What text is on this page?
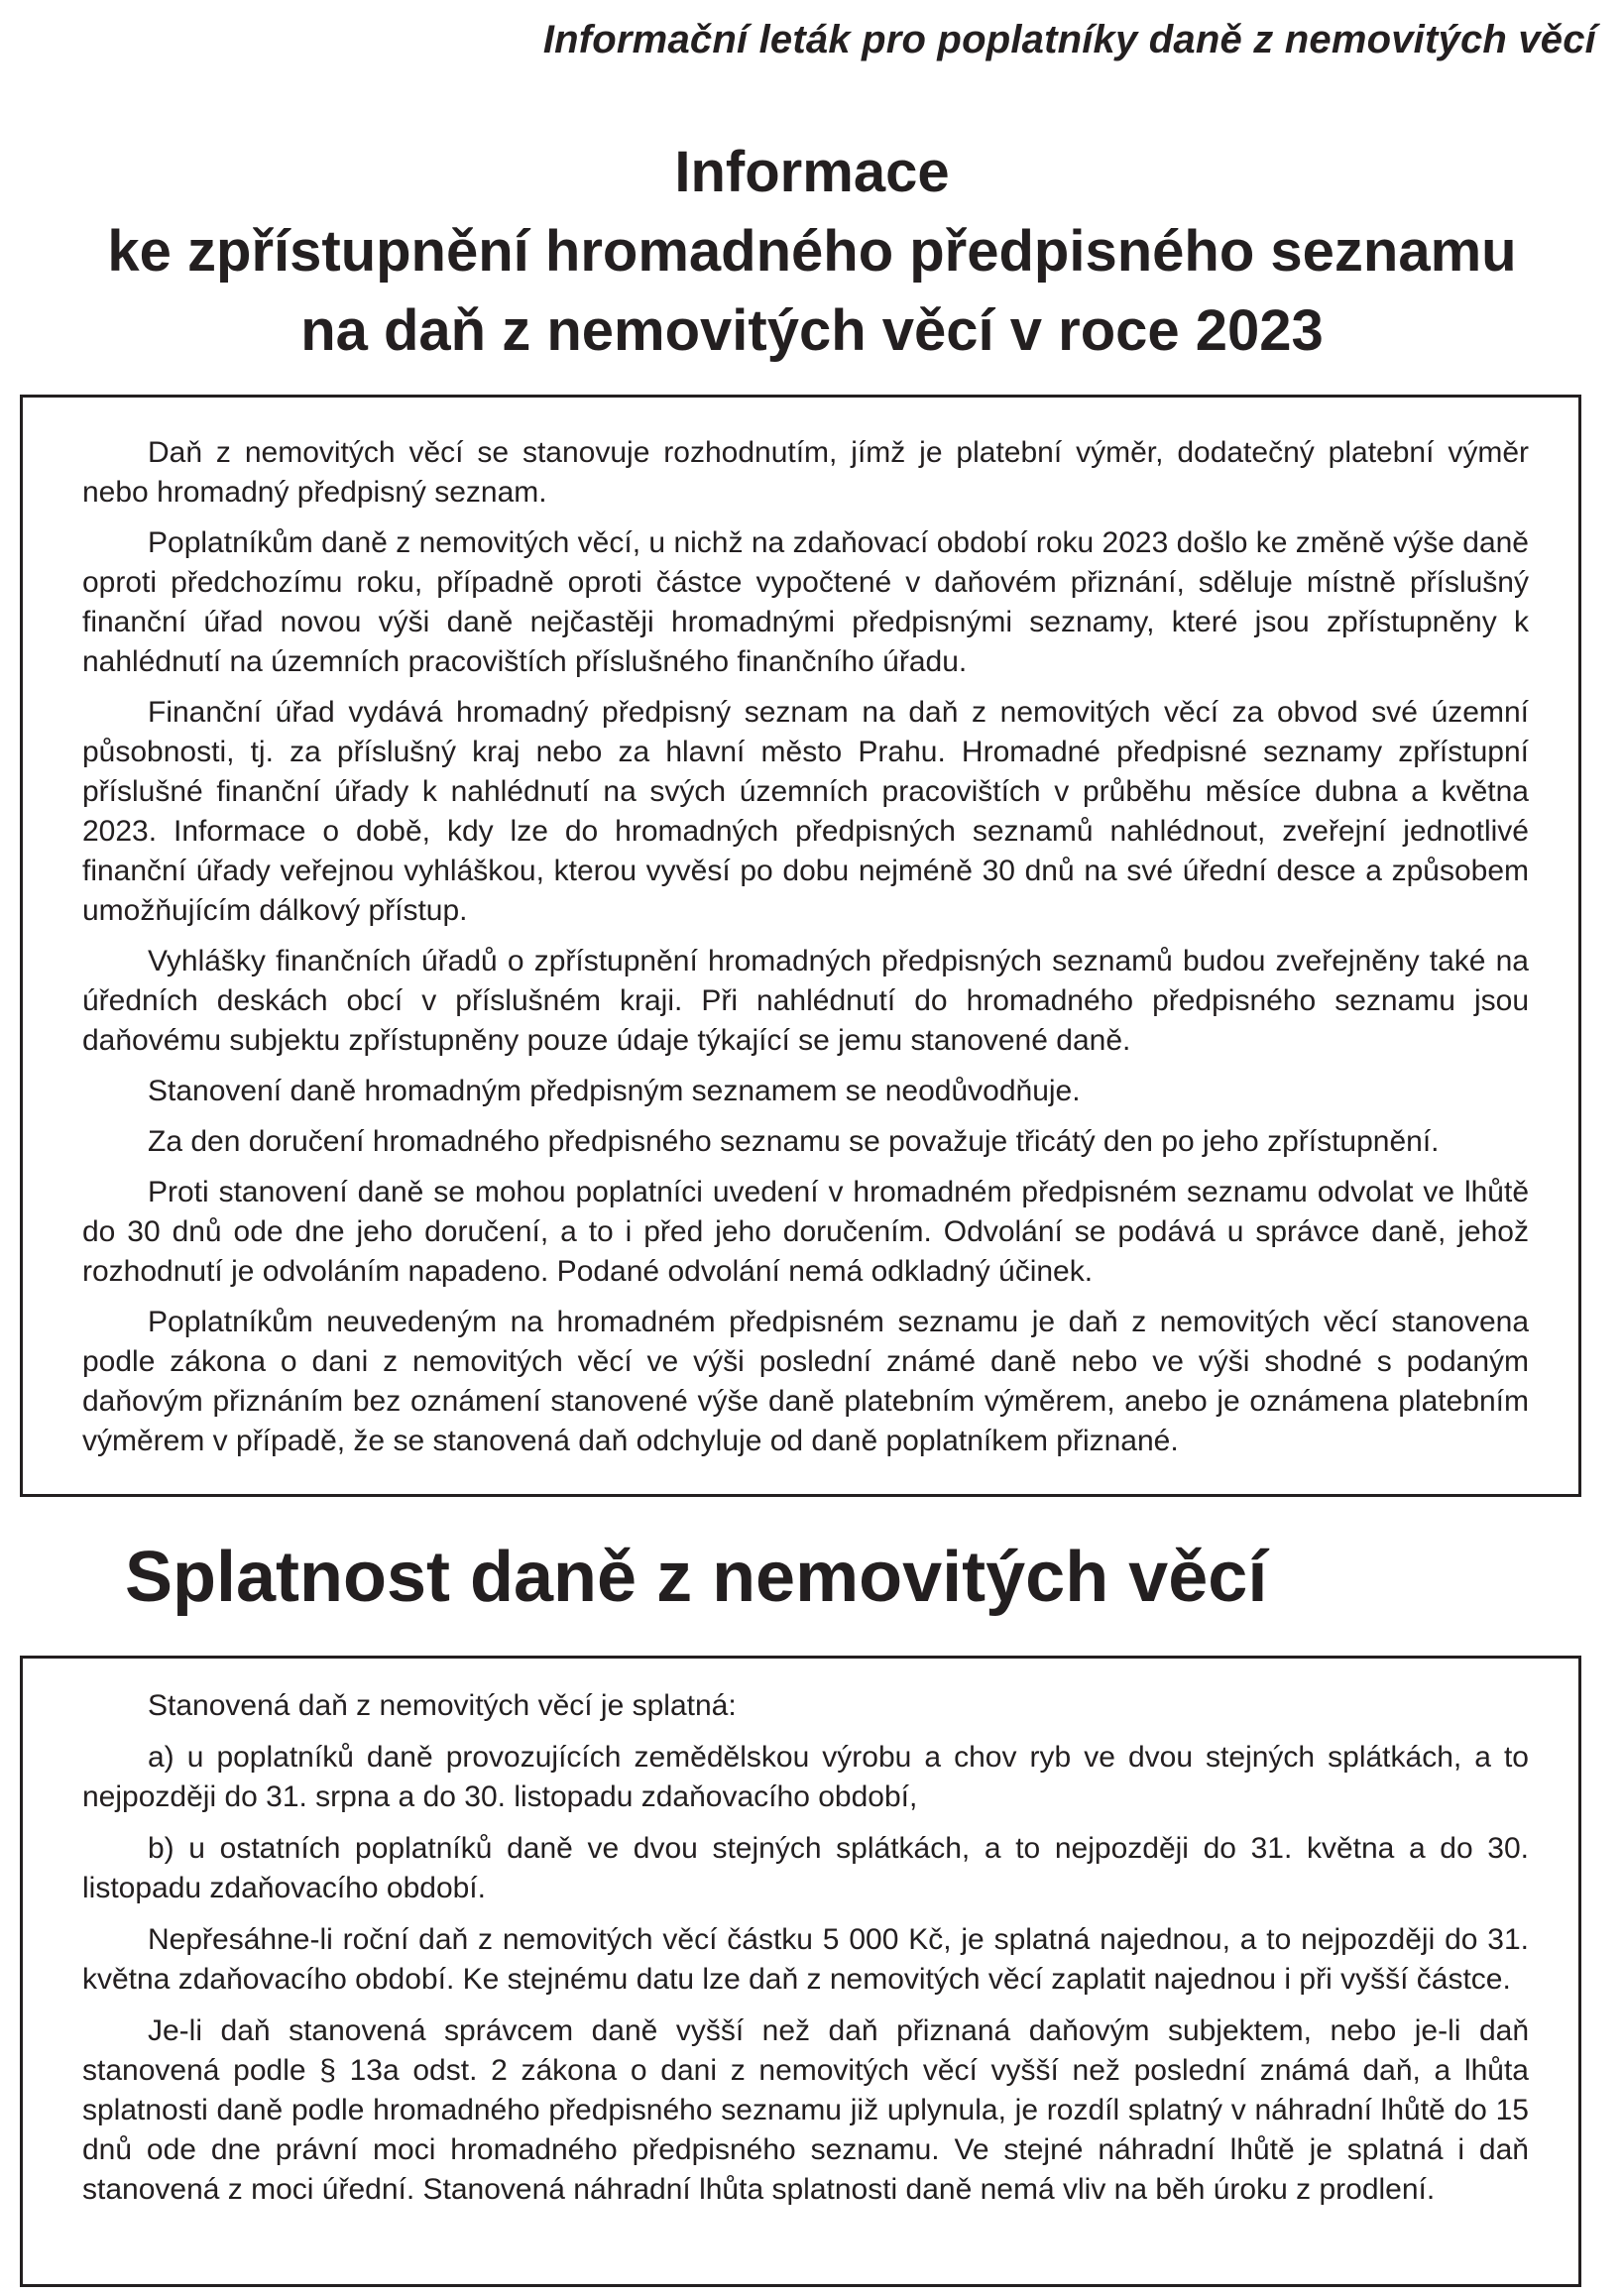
Informační leták pro poplatníky daně z nemovitých věcí
Informace
ke zpřístupnění hromadného předpisného seznamu
na daň z nemovitých věcí v roce 2023

Daň z nemovitých věcí se stanovuje rozhodnutím, jímž je platební výměr, dodatečný platební výměr nebo hromadný předpisný seznam.

Poplatníkům daně z nemovitých věcí, u nichž na zdaňovací období roku 2023 došlo ke změně výše daně oproti předchozímu roku, případně oproti částce vypočtené v daňovém přiznání, sděluje místně příslušný finanční úřad novou výši daně nejčastěji hromadnými předpisnými seznamy, které jsou zpřístupněny k nahlédnutí na územních pracovištích příslušného finančního úřadu.

Finanční úřad vydává hromadný předpisný seznam na daň z nemovitých věcí za obvod své územní působnosti, tj. za příslušný kraj nebo za hlavní město Prahu. Hromadné předpisné seznamy zpřístupní příslušné finanční úřady k nahlédnutí na svých územních pracovištích v průběhu měsíce dubna a května 2023. Informace o době, kdy lze do hromadných předpisných seznamů nahlédnout, zveřejní jednotlivé finanční úřady veřejnou vyhláškou, kterou vyvěsí po dobu nejméně 30 dnů na své úřední desce a způsobem umožňujícím dálkový přístup.

Vyhlášky finančních úřadů o zpřístupnění hromadných předpisných seznamů budou zveřejněny také na úředních deskách obcí v příslušném kraji. Při nahlédnutí do hromadného předpisného seznamu jsou daňovému subjektu zpřístupněny pouze údaje týkající se jemu stanovené daně.

Stanovení daně hromadným předpisným seznamem se neodůvodňuje.

Za den doručení hromadného předpisného seznamu se považuje třicátý den po jeho zpřístupnění.

Proti stanovení daně se mohou poplatníci uvedení v hromadném předpisném seznamu odvolat ve lhůtě do 30 dnů ode dne jeho doručení, a to i před jeho doručením. Odvolání se podává u správce daně, jehož rozhodnutí je odvoláním napadeno. Podané odvolání nemá odkladný účinek.

Poplatníkům neuvedeným na hromadném předpisném seznamu je daň z nemovitých věcí stanovena podle zákona o dani z nemovitých věcí ve výši poslední známé daně nebo ve výši shodné s podaným daňovým přiznáním bez oznámení stanovené výše daně platebním výměrem, anebo je oznámena platebním výměrem v případě, že se stanovená daň odchyluje od daně poplatníkem přiznané.

Splatnost daně z nemovitých věcí

Stanovená daň z nemovitých věcí je splatná:

a) u poplatníků daně provozujících zemědělskou výrobu a chov ryb ve dvou stejných splátkách, a to nejpozději do 31. srpna a do 30. listopadu zdaňovacího období,

b) u ostatních poplatníků daně ve dvou stejných splátkách, a to nejpozději do 31. května a do 30. listopadu zdaňovacího období.

Nepřesáhne-li roční daň z nemovitých věcí částku 5 000 Kč, je splatná najednou, a to nejpozději do 31. května zdaňovacího období. Ke stejnému datu lze daň z nemovitých věcí zaplatit najednou i při vyšší částce.

Je-li daň stanovená správcem daně vyšší než daň přiznaná daňovým subjektem, nebo je-li daň stanovená podle § 13a odst. 2 zákona o dani z nemovitých věcí vyšší než poslední známá daň, a lhůta splatnosti daně podle hromadného předpisného seznamu již uplynula, je rozdíl splatný v náhradní lhůtě do 15 dnů ode dne právní moci hromadného předpisného seznamu. Ve stejné náhradní lhůtě je splatná i daň stanovená z moci úřední. Stanovená náhradní lhůta splatnosti daně nemá vliv na běh úroku z prodlení.
